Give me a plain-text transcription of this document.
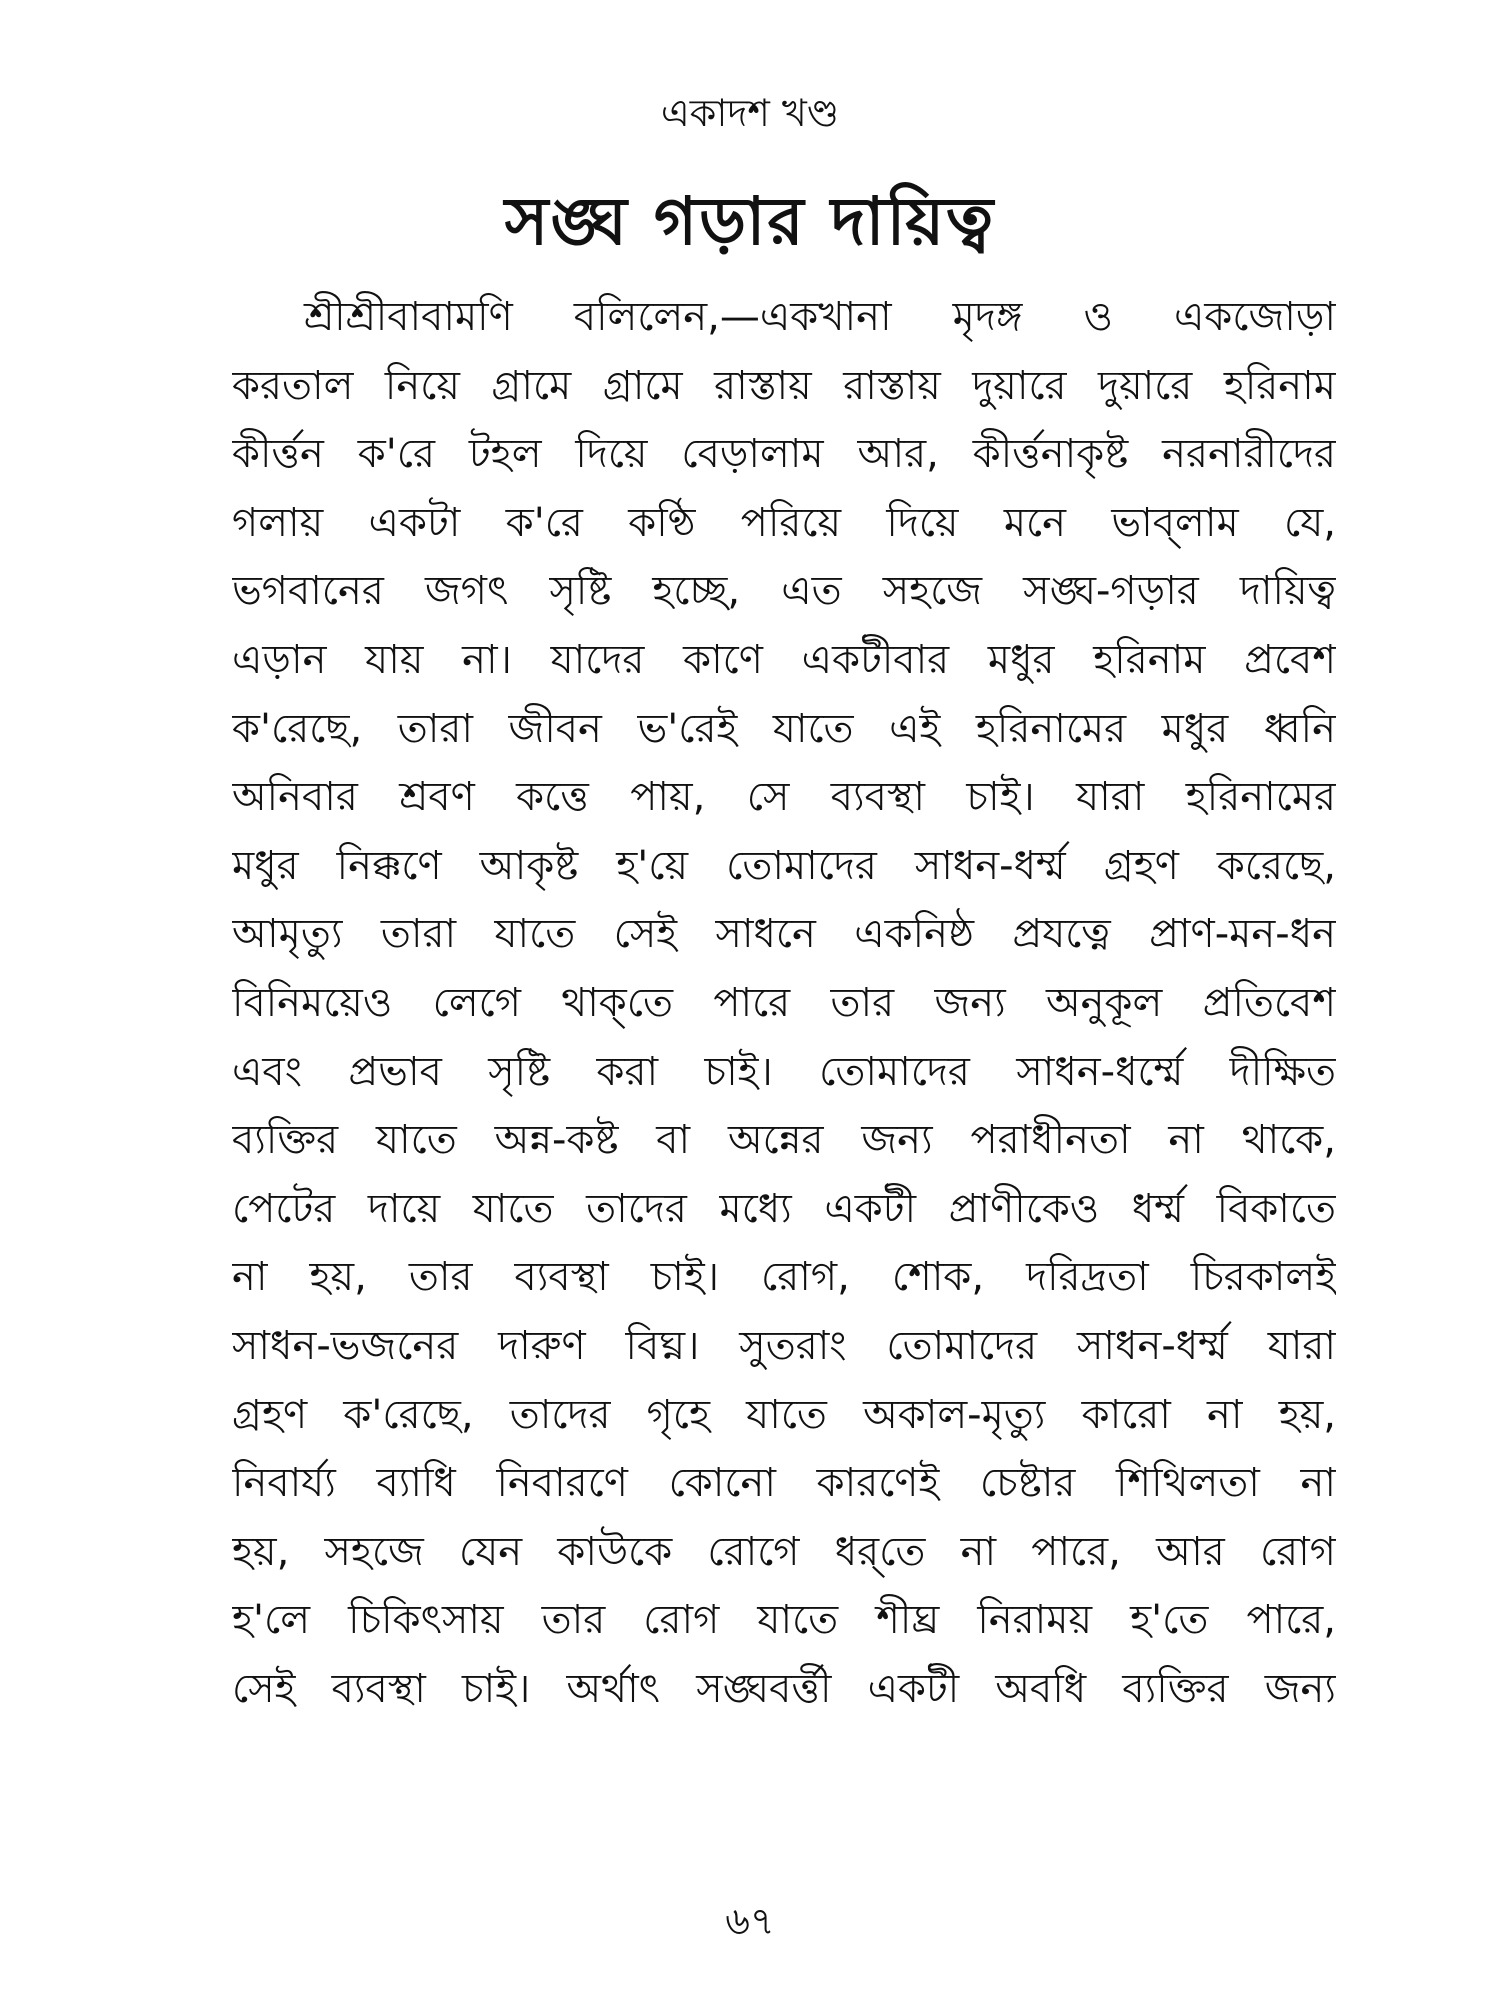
একাদশ খণ্ড
সঙ্ঘ গড়ার দায়িত্ব
শ্রীশ্রীবাবামণি বলিলেন,—একখানা মৃদঙ্গ ও একজোড়া
করতাল নিয়ে গ্রামে গ্রামে রাস্তায় রাস্তায় দুয়ারে দুয়ারে হরিনাম
কীর্ত্তন ক'রে টহল দিয়ে বেড়ালাম আর, কীর্ত্তনাকৃষ্ট নরনারীদের
গলায় একটা ক'রে কণ্ঠি পরিয়ে দিয়ে মনে ভাব্‌লাম যে,
ভগবানের জগৎ সৃষ্টি হচ্ছে, এত সহজে সঙ্ঘ-গড়ার দায়িত্ব
এড়ান যায় না। যাদের কাণে একটীবার মধুর হরিনাম প্রবেশ
ক'রেছে, তারা জীবন ভ'রেই যাতে এই হরিনামের মধুর ধ্বনি
অনিবার শ্রবণ কত্তে পায়, সে ব্যবস্থা চাই। যারা হরিনামের
মধুর নিক্কণে আকৃষ্ট হ'য়ে তোমাদের সাধন-ধর্ম্ম গ্রহণ করেছে,
আমৃত্যু তারা যাতে সেই সাধনে একনিষ্ঠ প্রযত্নে প্রাণ-মন-ধন
বিনিময়েও লেগে থাক্‌তে পারে তার জন্য অনুকূল প্রতিবেশ
এবং প্রভাব সৃষ্টি করা চাই। তোমাদের সাধন-ধর্ম্মে দীক্ষিত
ব্যক্তির যাতে অন্ন-কষ্ট বা অন্নের জন্য পরাধীনতা না থাকে,
পেটের দায়ে যাতে তাদের মধ্যে একটী প্রাণীকেও ধর্ম্ম বিকাতে
না হয়, তার ব্যবস্থা চাই। রোগ, শোক, দরিদ্রতা চিরকালই
সাধন-ভজনের দারুণ বিঘ্ন। সুতরাং তোমাদের সাধন-ধর্ম্ম যারা
গ্রহণ ক'রেছে, তাদের গৃহে যাতে অকাল-মৃত্যু কারো না হয়,
নিবার্য্য ব্যাধি নিবারণে কোনো কারণেই চেষ্টার শিথিলতা না
হয়, সহজে যেন কাউকে রোগে ধর্‌তে না পারে, আর রোগ
হ'লে চিকিৎসায় তার রোগ যাতে শীঘ্র নিরাময় হ'তে পারে,
সেই ব্যবস্থা চাই। অর্থাৎ সঙ্ঘবর্ত্তী একটী অবধি ব্যক্তির জন্য
৬৭
